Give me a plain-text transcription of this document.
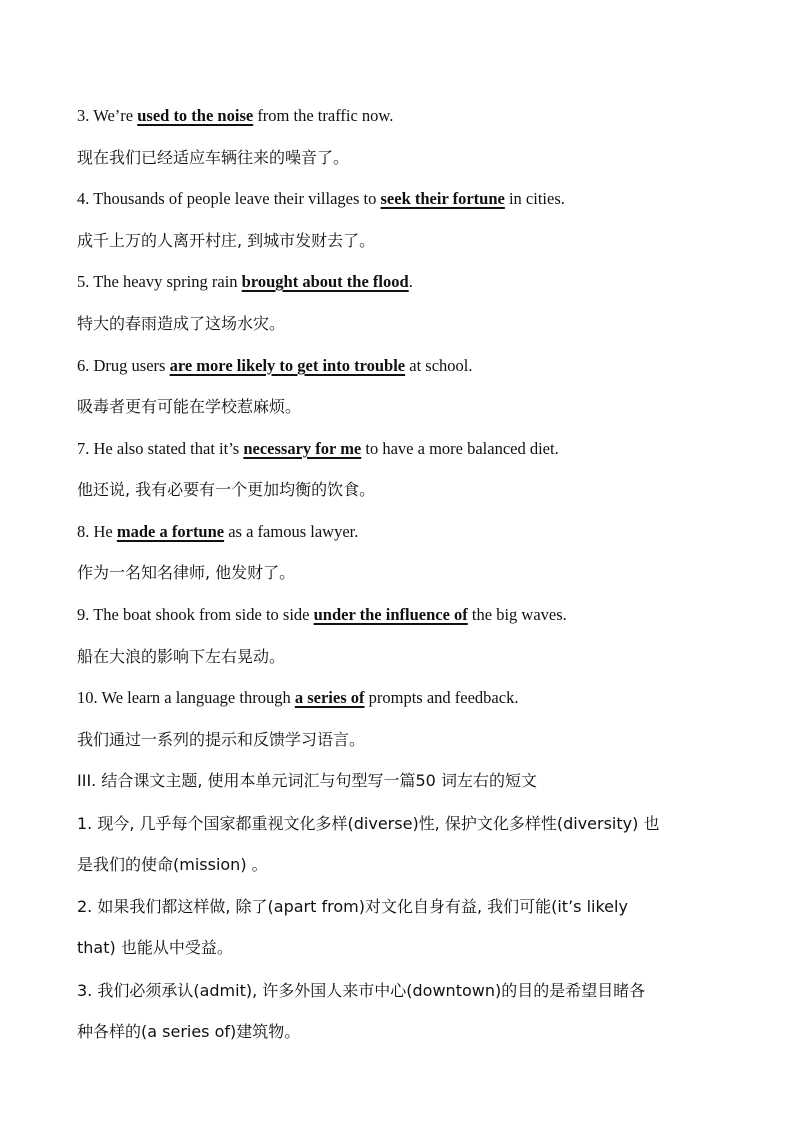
3. We’re used to the noise from the traffic now.
现在我们已经适应车辆往来的噪音了。
4. Thousands of people leave their villages to seek their fortune in cities.
成千上万的人离开村庄, 到城市发财去了。
5. The heavy spring rain brought about the flood.
特大的春雨造成了这场水灾。
6. Drug users are more likely to get into trouble at school.
吸毒者更有可能在学校惹麻烦。
7. He also stated that it’s necessary for me to have a more balanced diet.
他还说, 我有必要有一个更加均衡的饮食。
8. He made a fortune as a famous lawyer.
作为一名知名律师, 他发财了。
9. The boat shook from side to side under the influence of the big waves.
船在大浪的影响下左右晃动。
10. We learn a language through a series of prompts and feedback.
我们通过一系列的提示和反馈学习语言。
III. 结合课文主题, 使用本单元词汇与句型写一篇50 词左右的短文
1. 现今, 几乎每个国家都重视文化多样(diverse)性, 保护文化多样性(diversity) 也
是我们的使命(mission) 。
2. 如果我们都这样做, 除了(apart from)对文化自身有益, 我们可能(it’s likely
that) 也能从中受益。
3. 我们必须承认(admit), 许多外国人来市中心(downtown)的目的是希望目睹各
种各样的(a series of)建筑物。
